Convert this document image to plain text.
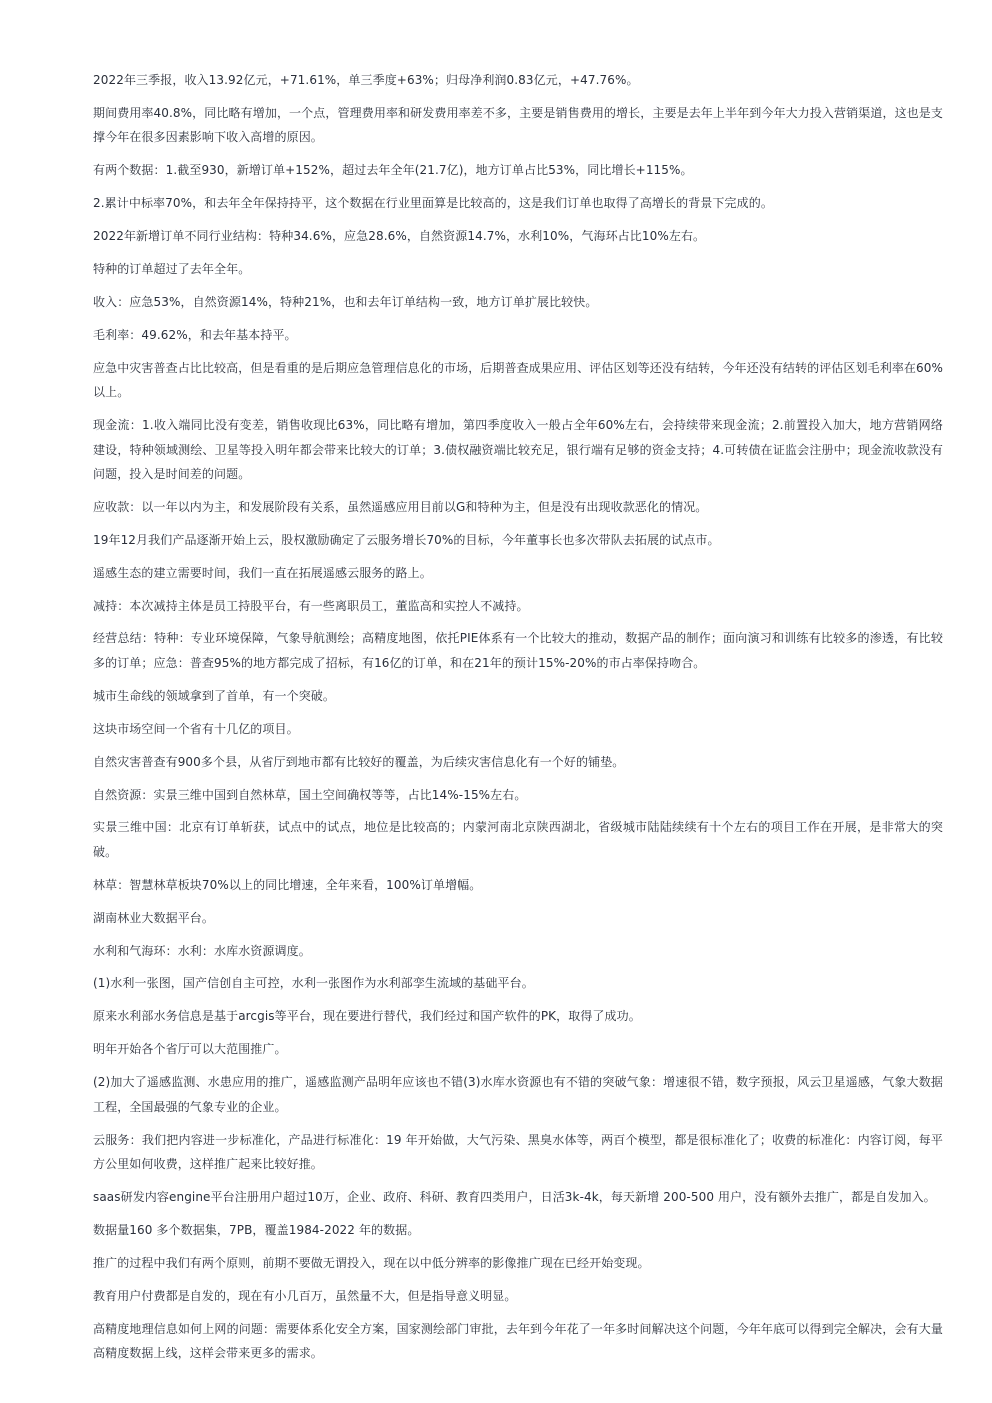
2022年三季报，收入13.92亿元，+71.61%，单三季度+63%；归母净利润0.83亿元，+47.76%。

期间费用率40.8%，同比略有增加，一个点，管理费用率和研发费用率差不多，主要是销售费用的增长，主要是去年上半年到今年大力投入营销渠道，这也是支撑今年在很多因素影响下收入高增的原因。

有两个数据：1.截至930，新增订单+152%，超过去年全年(21.7亿)，地方订单占比53%，同比增长+115%。

2.累计中标率70%，和去年全年保持持平，这个数据在行业里面算是比较高的，这是我们订单也取得了高增长的背景下完成的。

2022年新增订单不同行业结构：特种34.6%，应急28.6%，自然资源14.7%，水利10%，气海环占比10%左右。

特种的订单超过了去年全年。

收入：应急53%，自然资源14%，特种21%，也和去年订单结构一致，地方订单扩展比较快。

毛利率：49.62%，和去年基本持平。

应急中灾害普查占比比较高，但是看重的是后期应急管理信息化的市场，后期普查成果应用、评估区划等还没有结转，今年还没有结转的评估区划毛利率在60%以上。

现金流：1.收入端同比没有变差，销售收现比63%，同比略有增加，第四季度收入一般占全年60%左右，会持续带来现金流；2.前置投入加大，地方营销网络建设，特种领域测绘、卫星等投入明年都会带来比较大的订单；3.债权融资端比较充足，银行端有足够的资金支持；4.可转债在证监会注册中；现金流收款没有问题，投入是时间差的问题。

应收款：以一年以内为主，和发展阶段有关系，虽然遥感应用目前以G和特种为主，但是没有出现收款恶化的情况。

19年12月我们产品逐渐开始上云，股权激励确定了云服务增长70%的目标，今年董事长也多次带队去拓展的试点市。

遥感生态的建立需要时间，我们一直在拓展遥感云服务的路上。

减持：本次减持主体是员工持股平台，有一些离职员工，董监高和实控人不减持。

经营总结：特种：专业环境保障，气象导航测绘；高精度地图，依托PIE体系有一个比较大的推动，数据产品的制作；面向演习和训练有比较多的渗透，有比较多的订单；应急：普查95%的地方都完成了招标，有16亿的订单，和在21年的预计15%-20%的市占率保持吻合。

城市生命线的领域拿到了首单，有一个突破。

这块市场空间一个省有十几亿的项目。

自然灾害普查有900多个县，从省厅到地市都有比较好的覆盖，为后续灾害信息化有一个好的铺垫。

自然资源：实景三维中国到自然林草，国土空间确权等等，占比14%-15%左右。

实景三维中国：北京有订单斩获，试点中的试点，地位是比较高的；内蒙河南北京陕西湖北，省级城市陆陆续续有十个左右的项目工作在开展，是非常大的突破。

林草：智慧林草板块70%以上的同比增速，全年来看，100%订单增幅。

湖南林业大数据平台。

水利和气海环：水利：水库水资源调度。

(1)水利一张图，国产信创自主可控，水利一张图作为水利部孪生流域的基础平台。

原来水利部水务信息是基于arcgis等平台，现在要进行替代，我们经过和国产软件的PK，取得了成功。

明年开始各个省厅可以大范围推广。

(2)加大了遥感监测、水患应用的推广，遥感监测产品明年应该也不错(3)水库水资源也有不错的突破气象：增速很不错，数字预报，风云卫星遥感，气象大数据工程，全国最强的气象专业的企业。

云服务：我们把内容进一步标准化，产品进行标准化：19 年开始做，大气污染、黑臭水体等，两百个模型，都是很标准化了；收费的标准化：内容订阅，每平方公里如何收费，这样推广起来比较好推。

saas研发内容engine平台注册用户超过10万，企业、政府、科研、教育四类用户，日活3k-4k，每天新增 200-500 用户，没有额外去推广，都是自发加入。

数据量160 多个数据集，7PB，覆盖1984-2022 年的数据。

推广的过程中我们有两个原则，前期不要做无谓投入，现在以中低分辨率的影像推广现在已经开始变现。

教育用户付费都是自发的，现在有小几百万，虽然量不大，但是指导意义明显。

高精度地理信息如何上网的问题：需要体系化安全方案，国家测绘部门审批，去年到今年花了一年多时间解决这个问题，今年年底可以得到完全解决，会有大量高精度数据上线，这样会带来更多的需求。
